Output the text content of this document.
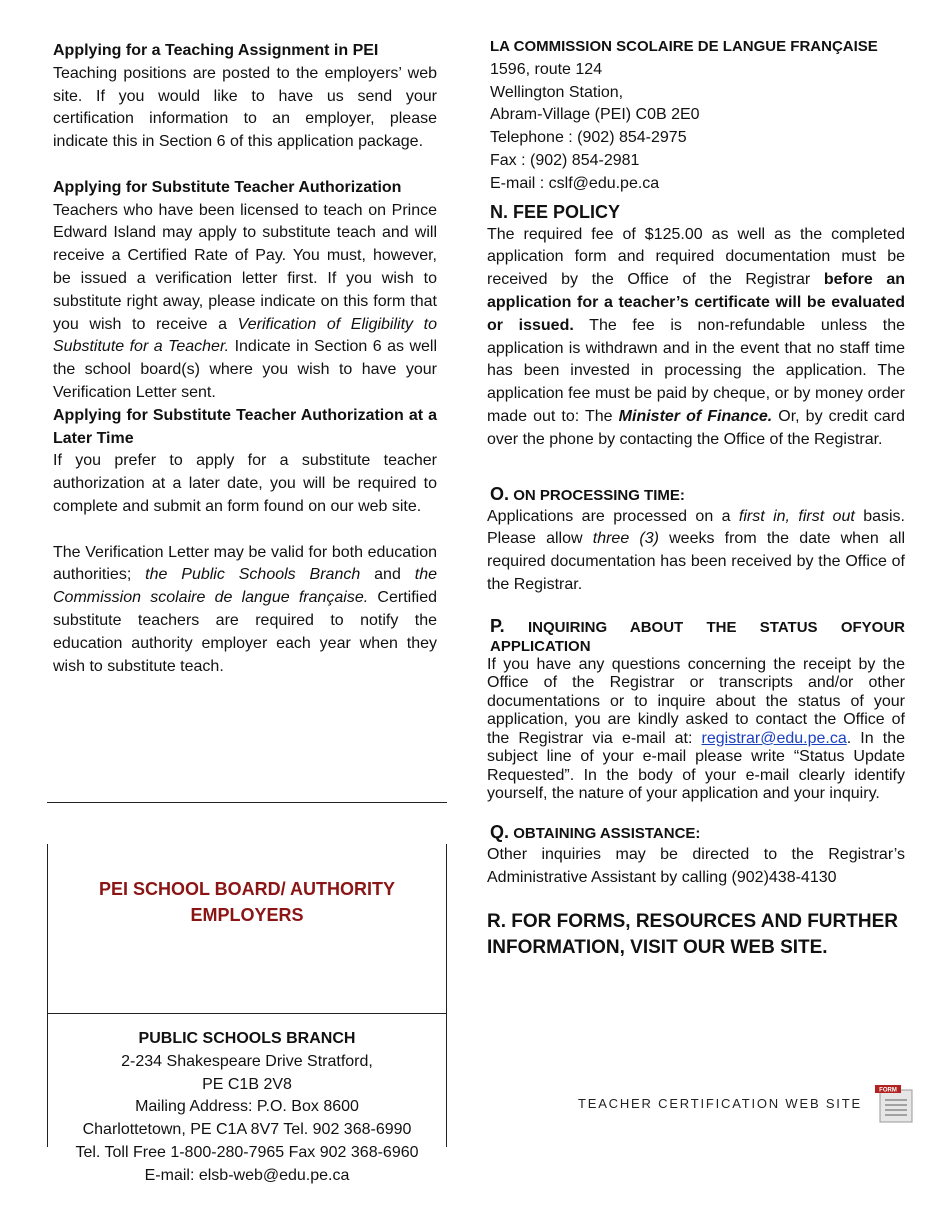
Applying for a Teaching Assignment in PEI

Teaching positions are posted to the employers’ web site. If you would like to have us send your certification information to an employer, please indicate this in Section 6 of this application package.

Applying for Substitute Teacher Authorization

Teachers who have been licensed to teach on Prince Edward Island may apply to substitute teach and will receive a Certified Rate of Pay. You must, however, be issued a verification letter first. If you wish to substitute right away, please indicate on this form that you wish to receive a Verification of Eligibility to Substitute for a Teacher. Indicate in Section 6 as well the school board(s) where you wish to have your Verification Letter sent.

Applying for Substitute Teacher Authorization at a Later Time

If you prefer to apply for a substitute teacher authorization at a later date, you will be required to complete and submit an form found on our web site.

The Verification Letter may be valid for both education authorities; the Public Schools Branch and the Commission scolaire de langue française. Certified substitute teachers are required to notify the education authority employer each year when they wish to substitute teach.

PEI SCHOOL BOARD/ AUTHORITY EMPLOYERS

PUBLIC SCHOOLS BRANCH

2-234 Shakespeare Drive Stratford,

PE C1B 2V8

Mailing Address: P.O. Box 8600

Charlottetown, PE C1A 8V7 Tel. 902 368-6990

Tel. Toll Free 1-800-280-7965 Fax 902 368-6960

E-mail: elsb-web@edu.pe.ca

LA COMMISSION SCOLAIRE DE LANGUE FRANÇAISE

1596, route 124

Wellington Station,

Abram-Village (PEI) C0B 2E0

Telephone : (902) 854-2975

Fax : (902) 854-2981

E-mail : cslf@edu.pe.ca

N. FEE POLICY

The required fee of $125.00 as well as the completed application form and required documentation must be received by the Office of the Registrar before an application for a teacher’s certificate will be evaluated or issued. The fee is non-refundable unless the application is withdrawn and in the event that no staff time has been invested in processing the application. The application fee must be paid by cheque, or by money order made out to: The Minister of Finance. Or, by credit card over the phone by contacting the Office of the Registrar.

O. ON PROCESSING TIME:

Applications are processed on a first in, first out basis. Please allow three (3) weeks from the date when all required documentation has been received by the Office of the Registrar.

P. INQUIRING ABOUT THE STATUS OFYOUR APPLICATION

If you have any questions concerning the receipt by the Office of the Registrar or transcripts and/or other documentations or to inquire about the status of your application, you are kindly asked to contact the Office of the Registrar via e-mail at: registrar@edu.pe.ca. In the subject line of your e-mail please write “Status Update Requested”. In the body of your e-mail clearly identify yourself, the nature of your application and your inquiry.

Q. OBTAINING ASSISTANCE:

Other inquiries may be directed to the Registrar’s Administrative Assistant by calling (902)438-4130

R. FOR FORMS, RESOURCES AND FURTHER INFORMATION, VISIT OUR WEB SITE.

TEACHER CERTIFICATION WEB SITE
FORM
